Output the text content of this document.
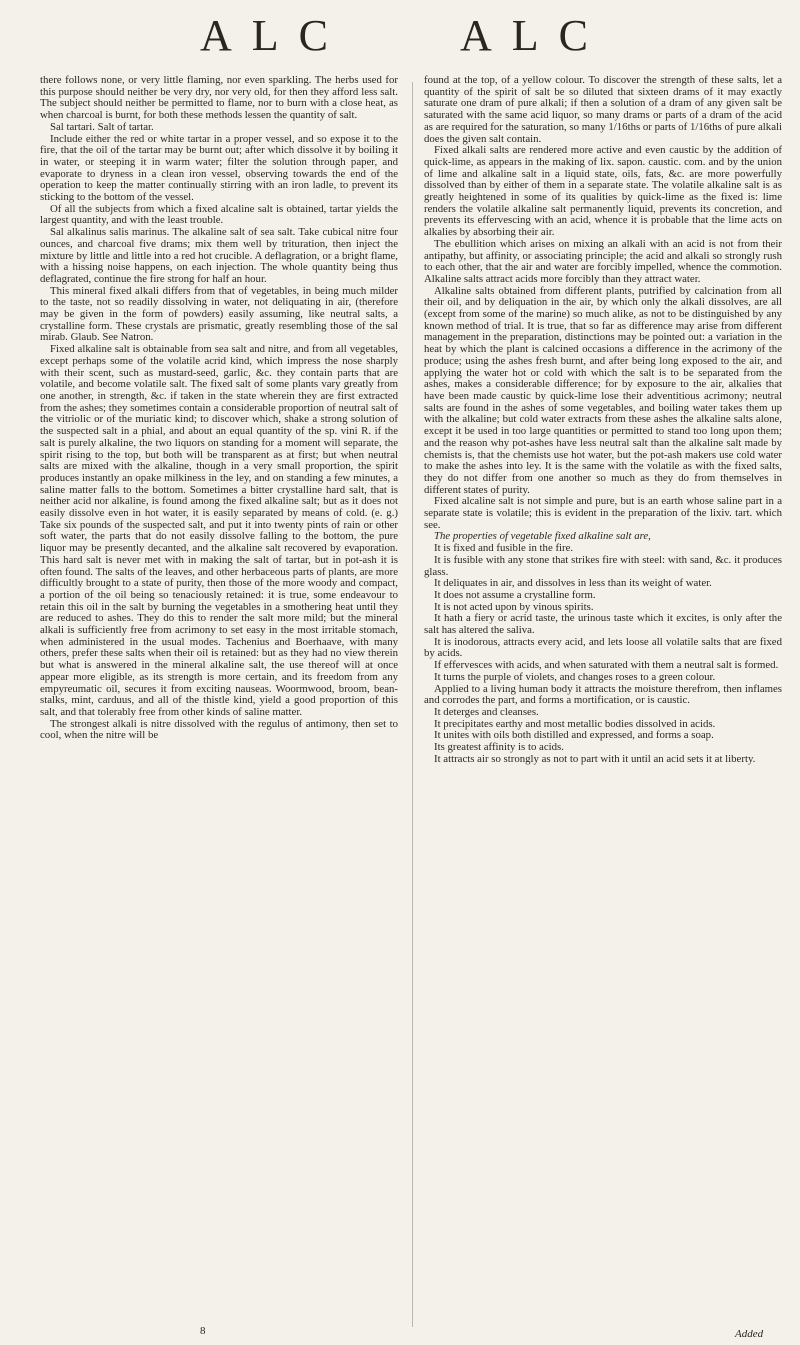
ALC	ALC

there follows none, or very little flaming, nor even sparkling. The herbs used for this purpose should neither be very dry, nor very old, for then they afford less salt. The subject should neither be permitted to flame, nor to burn with a close heat, as when charcoal is burnt, for both these methods lessen the quantity of salt.

Sal tartari. Salt of tartar.

Include either the red or white tartar in a proper vessel, and so expose it to the fire, that the oil of the tartar may be burnt out; after which dissolve it by boiling it in water, or steeping it in warm water; filter the solution through paper, and evaporate to dryness in a clean iron vessel, observing towards the end of the operation to keep the matter continually stirring with an iron ladle, to prevent its sticking to the bottom of the vessel.

Of all the subjects from which a fixed alcaline salt is obtained, tartar yields the largest quantity, and with the least trouble.

Sal alkalinus salis marinus. The alkaline salt of sea salt. Take cubical nitre four ounces, and charcoal five drams; mix them well by trituration, then inject the mixture by little and little into a red hot crucible. A deflagration, or a bright flame, with a hissing noise happens, on each injection. The whole quantity being thus deflagrated, continue the fire strong for half an hour.

This mineral fixed alkali differs from that of vegetables, in being much milder to the taste, not so readily dissolving in water, not deliquating in air, (therefore may be given in the form of powders) easily assuming, like neutral salts, a crystalline form. These crystals are prismatic, greatly resembling those of the sal mirab. Glaub. See Natron.

Fixed alkaline salt is obtainable from sea salt and nitre, and from all vegetables, except perhaps some of the volatile acrid kind, which impress the nose sharply with their scent, such as mustard-seed, garlic, &c. they contain parts that are volatile, and become volatile salt. The fixed salt of some plants vary greatly from one another, in strength, &c. if taken in the state wherein they are first extracted from the ashes; they sometimes contain a considerable proportion of neutral salt of the vitriolic or of the muriatic kind; to discover which, shake a strong solution of the suspected salt in a phial, and about an equal quantity of the sp. vini R. if the salt is purely alkaline, the two liquors on standing for a moment will separate, the spirit rising to the top, but both will be transparent as at first; but when neutral salts are mixed with the alkaline, though in a very small proportion, the spirit produces instantly an opake milkiness in the ley, and on standing a few minutes, a saline matter falls to the bottom. Sometimes a bitter crystalline hard salt, that is neither acid nor alkaline, is found among the fixed alkaline salt; but as it does not easily dissolve even in hot water, it is easily separated by means of cold. (e. g.) Take six pounds of the suspected salt, and put it into twenty pints of rain or other soft water, the parts that do not easily dissolve falling to the bottom, the pure liquor may be presently decanted, and the alkaline salt recovered by evaporation. This hard salt is never met with in making the salt of tartar, but in pot-ash it is often found. The salts of the leaves, and other herbaceous parts of plants, are more difficultly brought to a state of purity, then those of the more woody and compact, a portion of the oil being so tenaciously retained: it is true, some endeavour to retain this oil in the salt by burning the vegetables in a smothering heat until they are reduced to ashes. They do this to render the salt more mild; but the mineral alkali is sufficiently free from acrimony to set easy in the most irritable stomach, when administered in the usual modes. Tachenius and Boerhaave, with many others, prefer these salts when their oil is retained: but as they had no view therein but what is answered in the mineral alkaline salt, the use thereof will at once appear more eligible, as its strength is more certain, and its freedom from any empyreumatic oil, secures it from exciting nauseas. Woormwood, broom, bean-stalks, mint, carduus, and all of the thistle kind, yield a good proportion of this salt, and that tolerably free from other kinds of saline matter.

The strongest alkali is nitre dissolved with the regulus of antimony, then set to cool, when the nitre will be

found at the top, of a yellow colour. To discover the strength of these salts, let a quantity of the spirit of salt be so diluted that sixteen drams of it may exactly saturate one dram of pure alkali; if then a solution of a dram of any given salt be saturated with the same acid liquor, so many drams or parts of a dram of the acid as are required for the saturation, so many 1/16ths or parts of 1/16ths of pure alkali does the given salt contain.

Fixed alkali salts are rendered more active and even caustic by the addition of quick-lime, as appears in the making of lix. sapon. caustic. com. and by the union of lime and alkaline salt in a liquid state, oils, fats, &c. are more powerfully dissolved than by either of them in a separate state. The volatile alkaline salt is as greatly heightened in some of its qualities by quick-lime as the fixed is: lime renders the volatile alkaline salt permanently liquid, prevents its concretion, and prevents its effervescing with an acid, whence it is probable that the lime acts on alkalies by absorbing their air.

The ebullition which arises on mixing an alkali with an acid is not from their antipathy, but affinity, or associating principle; the acid and alkali so strongly rush to each other, that the air and water are forcibly impelled, whence the commotion. Alkaline salts attract acids more forcibly than they attract water.

Alkaline salts obtained from different plants, putrified by calcination from all their oil, and by deliquation in the air, by which only the alkali dissolves, are all (except from some of the marine) so much alike, as not to be distinguished by any known method of trial. It is true, that so far as difference may arise from different management in the preparation, distinctions may be pointed out: a variation in the heat by which the plant is calcined occasions a difference in the acrimony of the produce; using the ashes fresh burnt, and after being long exposed to the air, and applying the water hot or cold with which the salt is to be separated from the ashes, makes a considerable difference; for by exposure to the air, alkalies that have been made caustic by quick-lime lose their adventitious acrimony; neutral salts are found in the ashes of some vegetables, and boiling water takes them up with the alkaline; but cold water extracts from these ashes the alkaline salts alone, except it be used in too large quantities or permitted to stand too long upon them; and the reason why pot-ashes have less neutral salt than the alkaline salt made by chemists is, that the chemists use hot water, but the pot-ash makers use cold water to make the ashes into ley. It is the same with the volatile as with the fixed salts, they do not differ from one another so much as they do from themselves in different states of purity.

Fixed alcaline salt is not simple and pure, but is an earth whose saline part in a separate state is volatile; this is evident in the preparation of the lixiv. tart. which see.

The properties of vegetable fixed alkaline salt are,

It is fixed and fusible in the fire.

It is fusible with any stone that strikes fire with steel: with sand, &c. it produces glass.

It deliquates in air, and dissolves in less than its weight of water.

It does not assume a crystalline form.

It is not acted upon by vinous spirits.

It hath a fiery or acrid taste, the urinous taste which it excites, is only after the salt has altered the saliva.

It is inodorous, attracts every acid, and lets loose all volatile salts that are fixed by acids.

If effervesces with acids, and when saturated with them a neutral salt is formed.

It turns the purple of violets, and changes roses to a green colour.

Applied to a living human body it attracts the moisture therefrom, then inflames and corrodes the part, and forms a mortification, or is caustic.

It deterges and cleanses.

It precipitates earthy and most metallic bodies dissolved in acids.

It unites with oils both distilled and expressed, and forms a soap.

Its greatest affinity is to acids.

It attracts air so strongly as not to part with it until an acid sets it at liberty.

8	Added
